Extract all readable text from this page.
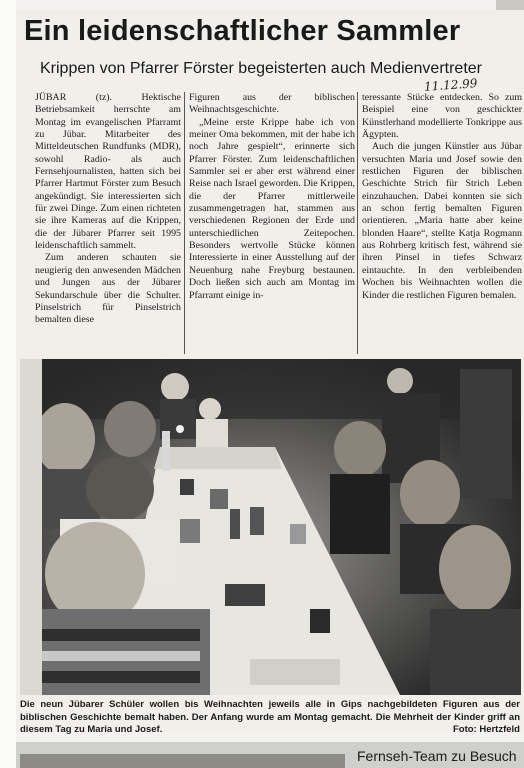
Ein leidenschaftlicher Sammler
Krippen von Pfarrer Förster begeisterten auch Medienvertreter
11.12.99

JÜBAR (tz). Hektische Betriebsamkeit herrschte am Montag im evangelischen Pfarramt zu Jübar. Mitarbeiter des Mitteldeutschen Rundfunks (MDR), sowohl Radio- als auch Fernsehjournalisten, hatten sich bei Pfarrer Hartmut Förster zum Besuch angekündigt. Sie interessierten sich für zwei Dinge. Zum einen richteten sie ihre Kameras auf die Krippen, die der Jübarer Pfarrer seit 1995 leidenschaftlich sammelt.

Zum anderen schauten sie neugierig den anwesenden Mädchen und Jungen aus der Jübarer Sekundarschule über die Schulter. Pinselstrich für Pinselstrich bemalten diese

Figuren aus der biblischen Weihnachtsgeschichte.

„Meine erste Krippe habe ich von meiner Oma bekommen, mit der habe ich noch Jahre gespielt“, erinnerte sich Pfarrer Förster. Zum leidenschaftlichen Sammler sei er aber erst während einer Reise nach Israel geworden. Die Krippen, die der Pfarrer mittlerweile zusammengetragen hat, stammen aus verschiedenen Regionen der Erde und unterschiedlichen Zeitepochen. Besonders wertvolle Stücke können Interessierte in einer Ausstellung auf der Neuenburg nahe Freyburg bestaunen. Doch ließen sich auch am Montag im Pfarramt einige in-

teressante Stücke entdecken. So zum Beispiel eine von geschickter Künstlerhand modellierte Tonkrippe aus Ägypten.

Auch die jungen Künstler aus Jübar versuchten Maria und Josef sowie den restlichen Figuren der biblischen Geschichte Strich für Strich Leben einzuhauchen. Dabei konnten sie sich an schon fertig bemalten Figuren orientieren. „Maria hatte aber keine blonden Haare“, stellte Katja Rogmann aus Rohrberg kritisch fest, während sie ihren Pinsel in tiefes Schwarz eintauchte. In den verbleibenden Wochen bis Weihnachten wollen die Kinder die restlichen Figuren bemalen.

Die neun Jübarer Schüler wollen bis Weihnachten jeweils alle in Gips nachgebildeten Figuren aus der biblischen Geschichte bemalt haben. Der Anfang wurde am Montag gemacht. Die Mehrheit der Kinder griff an diesem Tag zu Maria und Josef.	Foto: Hertzfeld
Fernseh-Team zu Besuch
